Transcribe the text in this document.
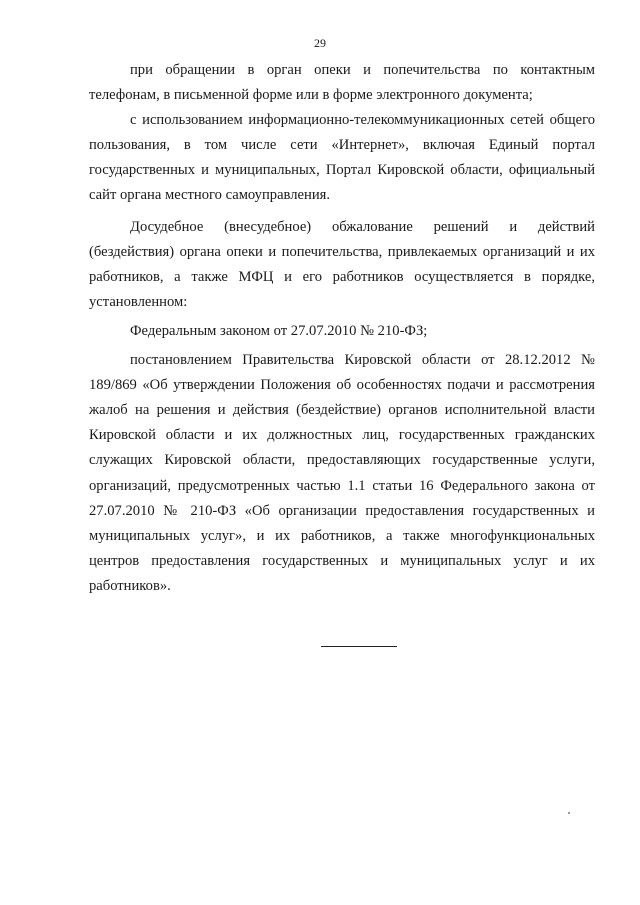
29

при обращении в орган опеки и попечительства по контактным телефонам, в письменной форме или в форме электронного документа;

с использованием информационно-телекоммуникационных сетей общего пользования, в том числе сети «Интернет», включая Единый портал государственных и муниципальных, Портал Кировской области, официальный сайт органа местного самоуправления.

Досудебное (внесудебное) обжалование решений и действий (бездействия) органа опеки и попечительства, привлекаемых организаций и их работников, а также МФЦ и его работников осуществляется в порядке, установленном:

Федеральным законом от 27.07.2010 № 210-ФЗ;

постановлением Правительства Кировской области от 28.12.2012 № 189/869 «Об утверждении Положения об особенностях подачи и рассмотрения жалоб на решения и действия (бездействие) органов исполнительной власти Кировской области и их должностных лиц, государственных гражданских служащих Кировской области, предоставляющих государственные услуги, организаций, предусмотренных частью 1.1 статьи 16 Федерального закона от 27.07.2010 № 210-ФЗ «Об организации предоставления государственных и муниципальных услуг», и их работников, а также многофункциональных центров предоставления государственных и муниципальных услуг и их работников».
